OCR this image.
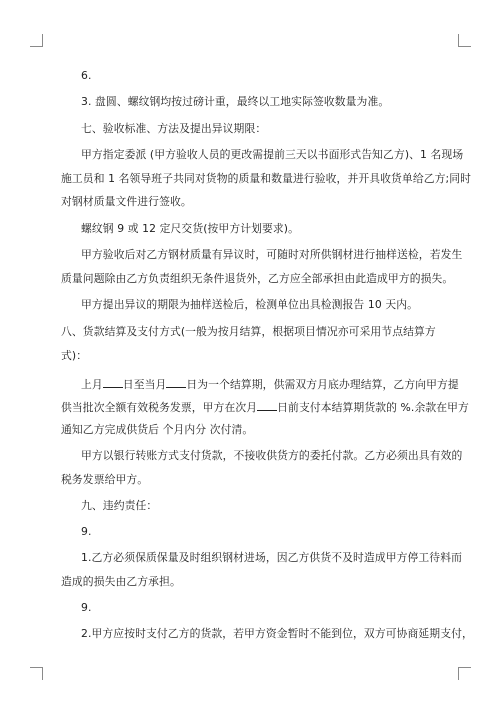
6.
3. 盘圆、螺纹钢均按过磅计重，最终以工地实际签收数量为准。
七、验收标准、方法及提出异议期限：
甲方指定委派 (甲方验收人员的更改需提前三天以书面形式告知乙方)、1 名现场
施工员和 1 名领导班子共同对货物的质量和数量进行验收，并开具收货单给乙方;同时
对钢材质量文件进行签收。
螺纹钢 9 或 12 定尺交货(按甲方计划要求)。
甲方验收后对乙方钢材质量有异议时，可随时对所供钢材进行抽样送检，若发生
质量问题除由乙方负责组织无条件退货外，乙方应全部承担由此造成甲方的损失。
甲方提出异议的期限为抽样送检后，检测单位出具检测报告 10 天内。
八、货款结算及支付方式(一般为按月结算，根据项目情况亦可采用节点结算方
式)：
上月 日至当月 日为一个结算期，供需双方月底办理结算，乙方向甲方提
供当批次全额有效税务发票，甲方在次月 日前支付本结算期货款的 %.余款在甲方
通知乙方完成供货后 个月内分 次付清。
甲方以银行转账方式支付货款，不接收供货方的委托付款。乙方必须出具有效的
税务发票给甲方。
九、违约责任：
9.
1.乙方必须保质保量及时组织钢材进场，因乙方供货不及时造成甲方停工待料而
造成的损失由乙方承担。
9.
2.甲方应按时支付乙方的货款，若甲方资金暂时不能到位，双方可协商延期支付，
